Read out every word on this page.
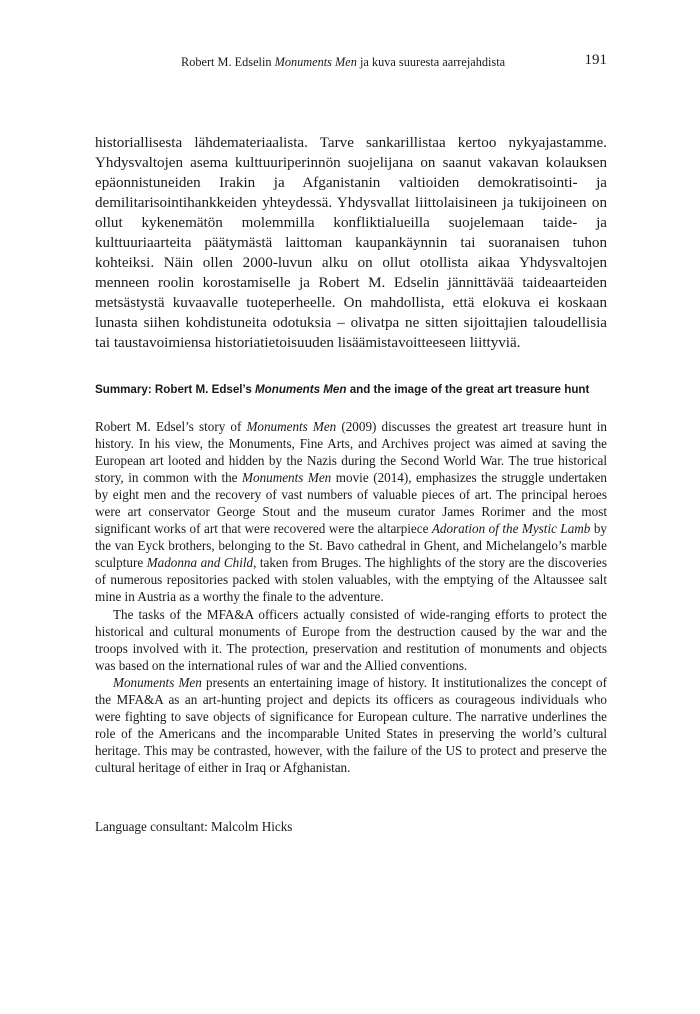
Robert M. Edselin Monuments Men ja kuva suuresta aarrejahdista	191

historiallisesta lähdemateriaalista. Tarve sankarillistaa kertoo nykyajastamme. Yhdysvaltojen asema kulttuuriperinnön suojelijana on saanut vakavan kolauksen epäonnistuneiden Irakin ja Afganistanin valtioiden demokratisointi- ja demilitarisointihankkeiden yhteydessä. Yhdysvallat liittolaisineen ja tukijoineen on ollut kykenemätön molemmilla konfliktialueilla suojelemaan taide- ja kulttuuriaarteita päätymästä laittoman kaupankäynnin tai suoranaisen tuhon kohteiksi. Näin ollen 2000-luvun alku on ollut otollista aikaa Yhdysvaltojen menneen roolin korostamiselle ja Robert M. Edselin jännittävää taideaarteiden metsästystä kuvaavalle tuoteperheelle. On mahdollista, että elokuva ei koskaan lunasta siihen kohdistuneita odotuksia – olivatpa ne sitten sijoittajien taloudellisia tai taustavoimiensa historiatietoisuuden lisäämistavoitteeseen liittyviä.

Summary: Robert M. Edsel’s Monuments Men and the image of the great art treasure hunt

Robert M. Edsel’s story of Monuments Men (2009) discusses the greatest art treasure hunt in history. In his view, the Monuments, Fine Arts, and Archives project was aimed at saving the European art looted and hidden by the Nazis during the Second World War. The true historical story, in common with the Monuments Men movie (2014), emphasizes the struggle undertaken by eight men and the recovery of vast numbers of valuable pieces of art. The principal heroes were art conservator George Stout and the museum curator James Rorimer and the most significant works of art that were recovered were the altarpiece Adoration of the Mystic Lamb by the van Eyck brothers, belonging to the St. Bavo cathedral in Ghent, and Michelangelo’s marble sculpture Madonna and Child, taken from Bruges. The highlights of the story are the discoveries of numerous repositories packed with stolen valuables, with the emptying of the Altaussee salt mine in Austria as a worthy the finale to the adventure.

The tasks of the MFA&A officers actually consisted of wide-ranging efforts to protect the historical and cultural monuments of Europe from the destruction caused by the war and the troops involved with it. The protection, preservation and restitution of monuments and objects was based on the international rules of war and the Allied conventions.

Monuments Men presents an entertaining image of history. It institutionalizes the concept of the MFA&A as an art-hunting project and depicts its officers as courageous individuals who were fighting to save objects of significance for European culture. The narrative underlines the role of the Americans and the incomparable United States in preserving the world’s cultural heritage. This may be contrasted, however, with the failure of the US to protect and preserve the cultural heritage of either in Iraq or Afghanistan.

Language consultant: Malcolm Hicks
